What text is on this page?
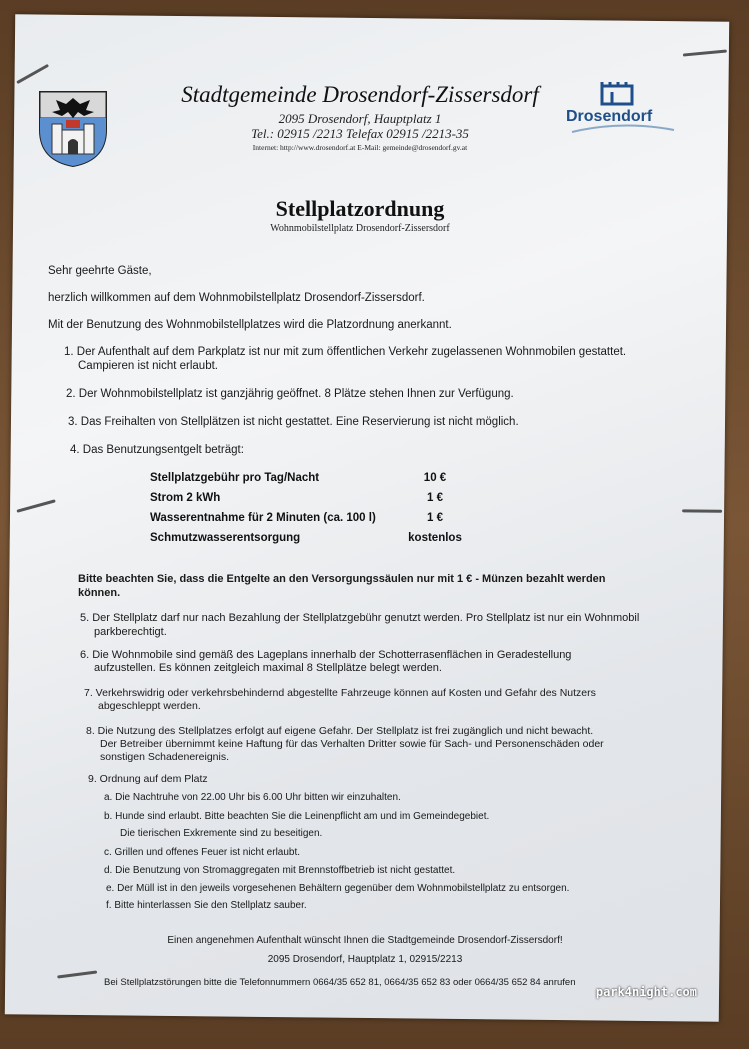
Drosendorf
Stadtgemeinde Drosendorf-Zissersdorf
2095 Drosendorf, Hauptplatz 1
Tel.: 02915 /2213 Telefax 02915 /2213-35
Internet: http://www.drosendorf.at E-Mail: gemeinde@drosendorf.gv.at
Stellplatzordnung
Wohnmobilstellplatz Drosendorf-Zissersdorf
Sehr geehrte Gäste,
herzlich willkommen auf dem Wohnmobilstellplatz Drosendorf-Zissersdorf.
Mit der Benutzung des Wohnmobilstellplatzes wird die Platzordnung anerkannt.
1. Der Aufenthalt auf dem Parkplatz ist nur mit zum öffentlichen Verkehr zugelassenen Wohnmobilen gestattet.
Campieren ist nicht erlaubt.
2. Der Wohnmobilstellplatz ist ganzjährig geöffnet. 8 Plätze stehen Ihnen zur Verfügung.
3. Das Freihalten von Stellplätzen ist nicht gestattet. Eine Reservierung ist nicht möglich.
4. Das Benutzungsentgelt beträgt:
Stellplatzgebühr pro Tag/Nacht	10 €
Strom 2 kWh	1 €
Wasserentnahme für 2 Minuten (ca. 100 l)	1 €
Schmutzwasserentsorgung	kostenlos
Bitte beachten Sie, dass die Entgelte an den Versorgungssäulen nur mit 1 € - Münzen bezahlt werden
können.
5. Der Stellplatz darf nur nach Bezahlung der Stellplatzgebühr genutzt werden. Pro Stellplatz ist nur ein Wohnmobil
parkberechtigt.
6. Die Wohnmobile sind gemäß des Lageplans innerhalb der Schotterrasenflächen in Geradestellung
aufzustellen. Es können zeitgleich maximal 8 Stellplätze belegt werden.
7. Verkehrswidrig oder verkehrsbehindernd abgestellte Fahrzeuge können auf Kosten und Gefahr des Nutzers
abgeschleppt werden.
8. Die Nutzung des Stellplatzes erfolgt auf eigene Gefahr. Der Stellplatz ist frei zugänglich und nicht bewacht.
Der Betreiber übernimmt keine Haftung für das Verhalten Dritter sowie für Sach- und Personenschäden oder
sonstigen Schadenereignis.
9. Ordnung auf dem Platz
a. Die Nachtruhe von 22.00 Uhr bis 6.00 Uhr bitten wir einzuhalten.
b. Hunde sind erlaubt. Bitte beachten Sie die Leinenpflicht am und im Gemeindegebiet.
Die tierischen Exkremente sind zu beseitigen.
c. Grillen und offenes Feuer ist nicht erlaubt.
d. Die Benutzung von Stromaggregaten mit Brennstoffbetrieb ist nicht gestattet.
e. Der Müll ist in den jeweils vorgesehenen Behältern gegenüber dem Wohnmobilstellplatz zu entsorgen.
f. Bitte hinterlassen Sie den Stellplatz sauber.
Einen angenehmen Aufenthalt wünscht Ihnen die Stadtgemeinde Drosendorf-Zissersdorf!
2095 Drosendorf, Hauptplatz 1, 02915/2213
Bei Stellplatzstörungen bitte die Telefonnummern 0664/35 652 81, 0664/35 652 83 oder 0664/35 652 84 anrufen
park4night.com
